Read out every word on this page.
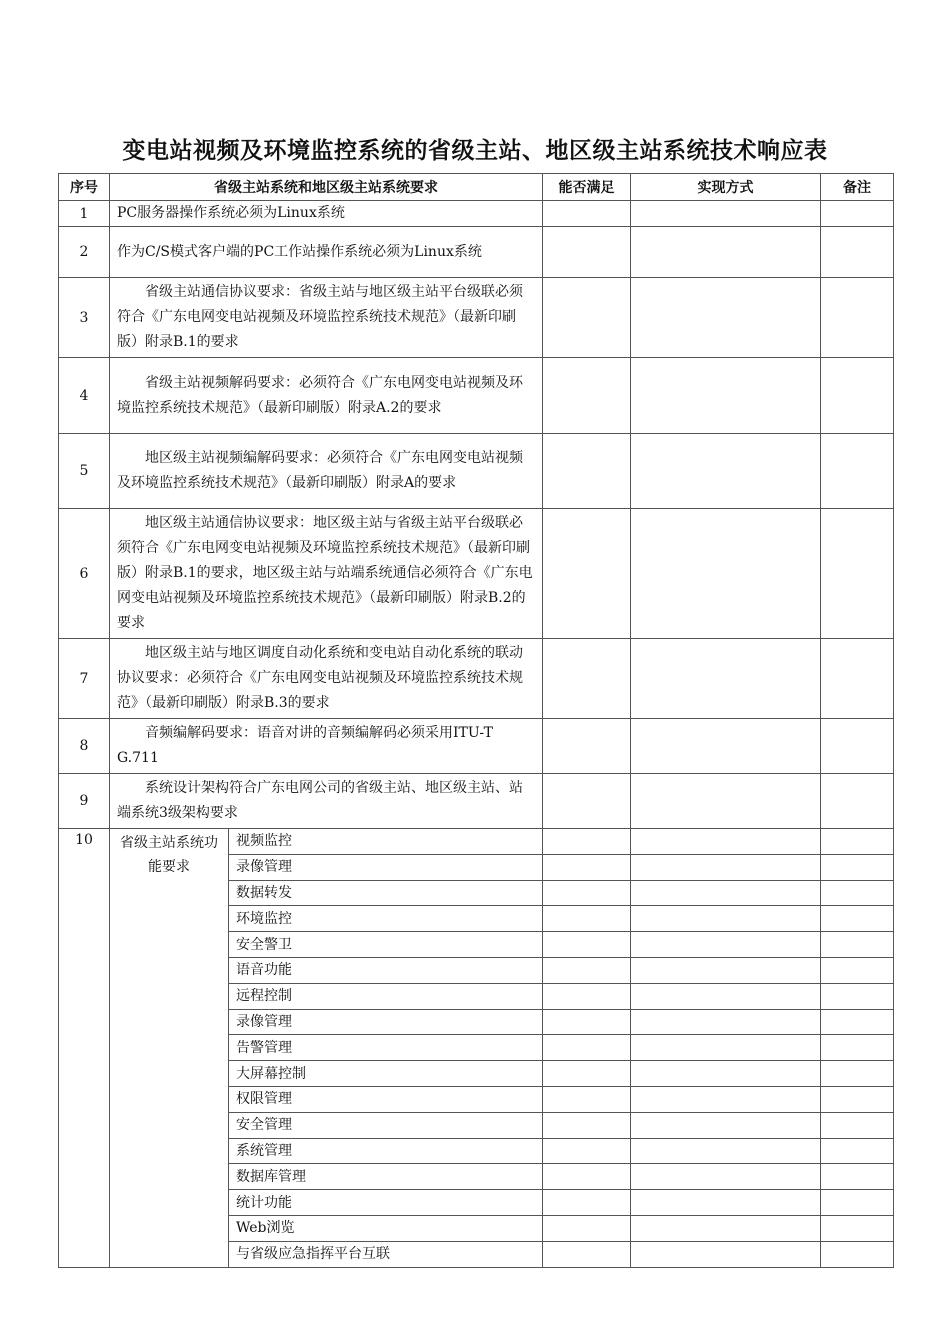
变电站视频及环境监控系统的省级主站、地区级主站系统技术响应表
序号	省级主站系统和地区级主站系统要求		能否满足	实现方式	备注
1	PC服务器操作系统必须为Linux系统				
2	作为C/S模式客户端的PC工作站操作系统必须为Linux系统				
3	省级主站通信协议要求：省级主站与地区级主站平台级联必须符合《广东电网变电站视频及环境监控系统技术规范》（最新印刷版）附录B.1的要求				
4	省级主站视频解码要求：必须符合《广东电网变电站视频及环境监控系统技术规范》（最新印刷版）附录A.2的要求				
5	地区级主站视频编解码要求：必须符合《广东电网变电站视频及环境监控系统技术规范》（最新印刷版）附录A的要求				
6	地区级主站通信协议要求：地区级主站与省级主站平台级联必须符合《广东电网变电站视频及环境监控系统技术规范》（最新印刷版）附录B.1的要求，地区级主站与站端系统通信必须符合《广东电网变电站视频及环境监控系统技术规范》（最新印刷版）附录B.2的要求				
7	地区级主站与地区调度自动化系统和变电站自动化系统的联动协议要求：必须符合《广东电网变电站视频及环境监控系统技术规范》（最新印刷版）附录B.3的要求				
8	音频编解码要求：语音对讲的音频编解码必须采用ITU-T G.711				
9	系统设计架构符合广东电网公司的省级主站、地区级主站、站端系统3级架构要求				
10	省级主站系统功能要求	视频监控			
		录像管理			
		数据转发			
		环境监控			
		安全警卫			
		语音功能			
		远程控制			
		录像管理			
		告警管理			
		大屏幕控制			
		权限管理			
		安全管理			
		系统管理			
		数据库管理			
		统计功能			
		Web浏览			
		与省级应急指挥平台互联			
